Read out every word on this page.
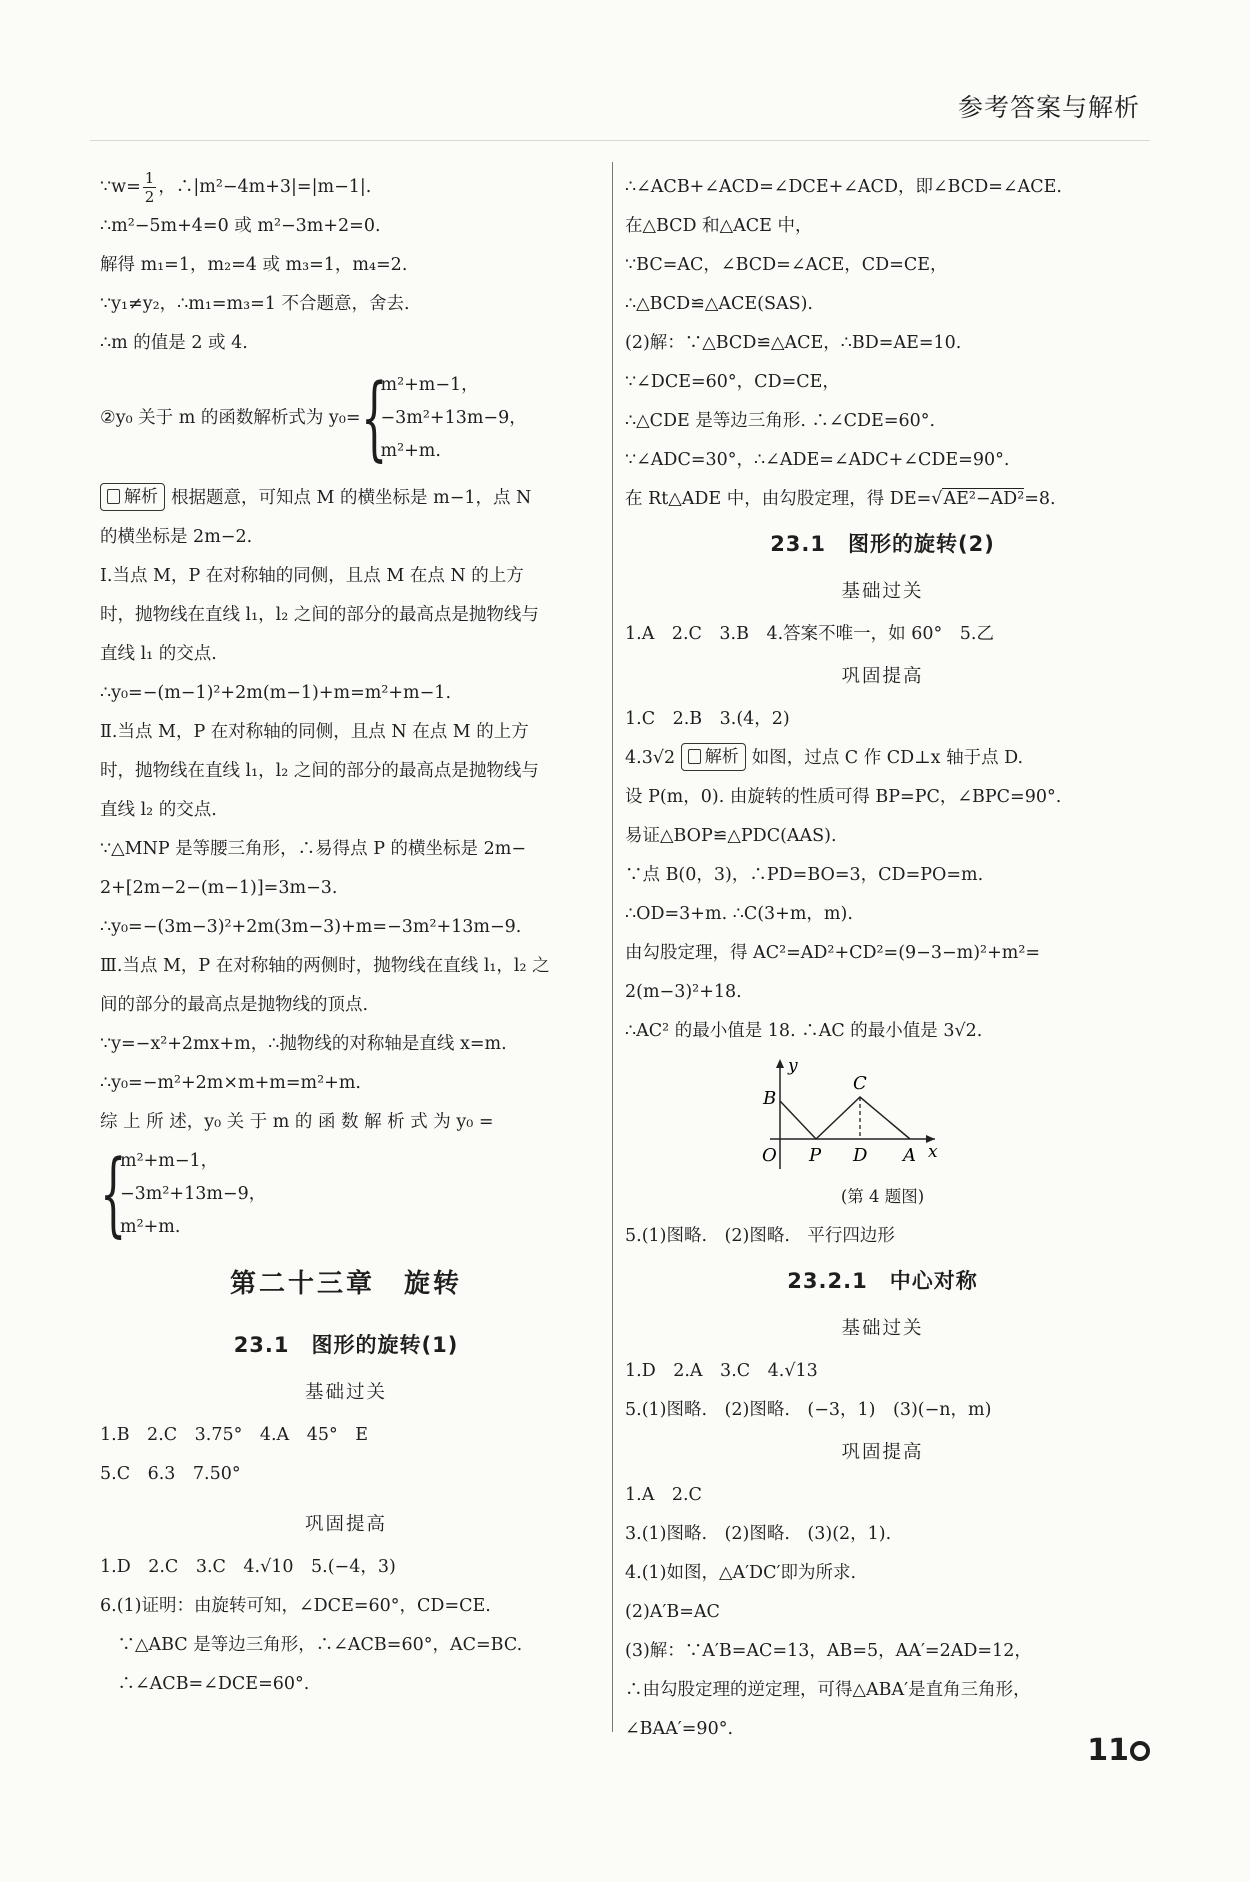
参考答案与解析
∵w= $\frac{1}{2}$ ，∴|m²−4m+3|=|m−1|.
∴m²−5m+4=0 或 m²−3m+2=0.
解得 m₁=1，m₂=4 或 m₃=1，m₄=2.
∵y₁≠y₂，∴m₁=m₃=1 不合题意，舍去.
∴m 的值是 2 或 4.
②y₀ 关于 m 的函数解析式为 y₀= {
m²+m−1，
−3m²+13m−9，
m²+m.
解析 根据题意，可知点 M 的横坐标是 m−1，点 N
的横坐标是 2m−2.
Ⅰ.当点 M，P 在对称轴的同侧，且点 M 在点 N 的上方
时，抛物线在直线 l₁，l₂ 之间的部分的最高点是抛物线与
直线 l₁ 的交点.
∴y₀=−(m−1)²+2m(m−1)+m=m²+m−1.
Ⅱ.当点 M，P 在对称轴的同侧，且点 N 在点 M 的上方
时，抛物线在直线 l₁，l₂ 之间的部分的最高点是抛物线与
直线 l₂ 的交点.
∵△MNP 是等腰三角形，∴易得点 P 的横坐标是 2m−
2+[2m−2−(m−1)]=3m−3.
∴y₀=−(3m−3)²+2m(3m−3)+m=−3m²+13m−9.
Ⅲ.当点 M，P 在对称轴的两侧时，抛物线在直线 l₁，l₂ 之
间的部分的最高点是抛物线的顶点.
∵y=−x²+2mx+m，∴抛物线的对称轴是直线 x=m.
∴y₀=−m²+2m×m+m=m²+m.
综 上 所 述，y₀ 关 于 m 的 函 数 解 析 式 为 y₀ =
{
m²+m−1，
−3m²+13m−9，
m²+m.
第二十三章　旋转
23.1　图形的旋转(1)
基础过关
1.B　2.C　3.75°　4.A　45°　E
5.C　6.3　7.50°
巩固提高
1.D　2.C　3.C　4.√10　5.(−4，3)
6.(1)证明：由旋转可知，∠DCE=60°，CD=CE.
　∵△ABC 是等边三角形，∴∠ACB=60°，AC=BC.
　∴∠ACB=∠DCE=60°.
∴∠ACB+∠ACD=∠DCE+∠ACD，即∠BCD=∠ACE.
在△BCD 和△ACE 中，
∵BC=AC，∠BCD=∠ACE，CD=CE，
∴△BCD≌△ACE(SAS).
(2)解：∵△BCD≌△ACE，∴BD=AE=10.
∵∠DCE=60°，CD=CE，
∴△CDE 是等边三角形. ∴∠CDE=60°.
∵∠ADC=30°，∴∠ADE=∠ADC+∠CDE=90°.
在 Rt△ADE 中，由勾股定理，得 DE=√AE²−AD²=8.
23.1　图形的旋转(2)
基础过关
1.A　2.C　3.B　4.答案不唯一，如 60°　5.乙
巩固提高
1.C　2.B　3.(4，2)
4.3√2 解析 如图，过点 C 作 CD⊥x 轴于点 D.
设 P(m，0). 由旋转的性质可得 BP=PC，∠BPC=90°.
易证△BOP≌△PDC(AAS).
∵点 B(0，3)，∴PD=BO=3，CD=PO=m.
∴OD=3+m. ∴C(3+m，m).
由勾股定理，得 AC²=AD²+CD²=(9−3−m)²+m²=
2(m−3)²+18.
∴AC² 的最小值是 18. ∴AC 的最小值是 3√2.
y
x
B
C
O P D A
(第 4 题图)
5.(1)图略.　(2)图略.　平行四边形
23.2.1　中心对称
基础过关
1.D　2.A　3.C　4.√13
5.(1)图略.　(2)图略.　(−3，1)　(3)(−n，m)
巩固提高
1.A　2.C
3.(1)图略.　(2)图略.　(3)(2，1).
4.(1)如图，△A′DC′即为所求.
(2)A′B=AC
(3)解：∵A′B=AC=13，AB=5，AA′=2AD=12，
∴由勾股定理的逆定理，可得△ABA′是直角三角形，
∠BAA′=90°.
11
